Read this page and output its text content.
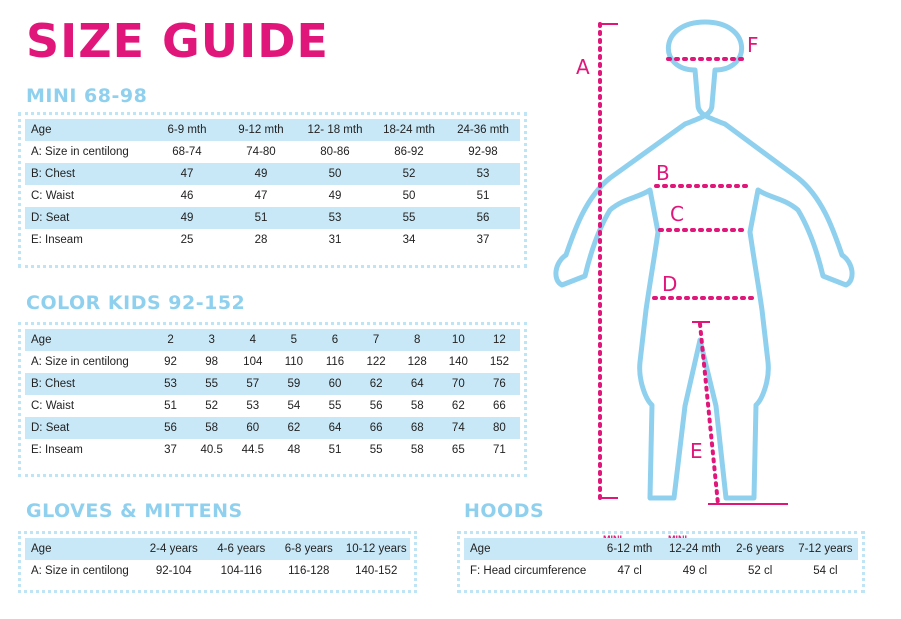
SIZE GUIDE
MINI 68-98
Age	6-9 mth	9-12 mth	12- 18 mth	18-24 mth	24-36 mth
A: Size in centilong	68-74	74-80	80-86	86-92	92-98
B: Chest	47	49	50	52	53
C: Waist	46	47	49	50	51
D: Seat	49	51	53	55	56
E: Inseam	25	28	31	34	37
COLOR KIDS 92-152
Age	2	3	4	5	6	7	8	10	12
A: Size in centilong	92	98	104	110	116	122	128	140	152
B: Chest	53	55	57	59	60	62	64	70	76
C: Waist	51	52	53	54	55	56	58	62	66
D: Seat	56	58	60	62	64	66	68	74	80
E: Inseam	37	40.5	44.5	48	51	55	58	65	71
GLOVES & MITTENS
Age	2-4 years	4-6 years	6-8 years	10-12 years
A: Size in centilong	92-104	104-116	116-128	140-152
HOODS
Age	6-12 mth	12-24 mth	2-6 years	7-12 years
F: Head circumference	47 cl	49 cl	52 cl	54 cl
A
F
B
C
D
E
